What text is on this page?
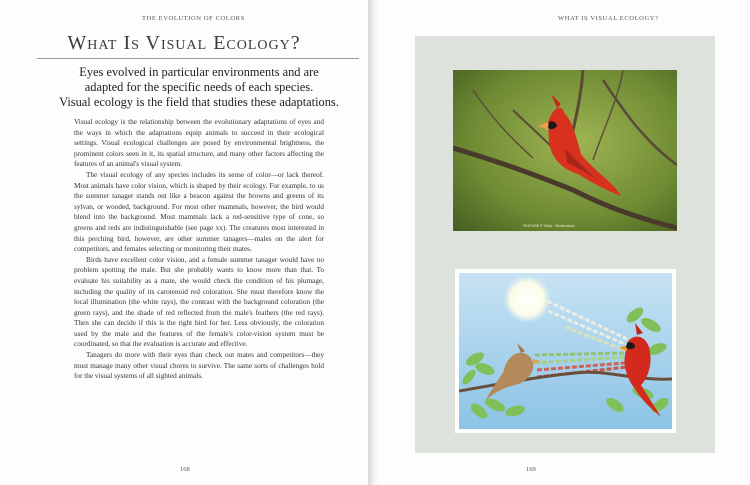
THE EVOLUTION OF COLORS
What Is Visual Ecology?
Eyes evolved in particular environments and are
adapted for the specific needs of each species.
Visual ecology is the field that studies these adaptations.

Visual ecology is the relationship between the evolutionary adaptations of eyes and the ways in which the adaptations equip animals to succeed in their ecological settings. Visual ecological challenges are posed by environmental brightness, the prominent colors seen in it, its spatial structure, and many other factors affecting the features of an animal's visual system.

The visual ecology of any species includes its sense of color—or lack thereof. Most animals have color vision, which is shaped by their ecology. For example, to us the summer tanager stands out like a beacon against the browns and greens of its sylvan, or wooded, background. For most other mammals, however, the bird would blend into the background. Most mammals lack a red-sensitive type of cone, so greens and reds are indistinguishable (see page xx). The creatures most interested in this perching bird, however, are other summer tanagers—males on the alert for competitors, and females selecting or monitoring their mates.

Birds have excellent color vision, and a female summer tanager would have no problem spotting the male. But she probably wants to know more than that. To evaluate his suitability as a mate, she would check the condition of his plumage, including the quality of its carotenoid red coloration. She must therefore know the local illumination (the white rays), the contrast with the background coloration (the green rays), and the shade of red reflected from the male's feathers (the red rays). Then she can decide if this is the right bird for her. Less obviously, the coloration used by the male and the features of the female's color-vision system must be coordinated, so that the evaluation is accurate and effective.

Tanagers do more with their eyes than check out mates and competitors—they must manage many other visual chores to survive. The same sorts of challenges hold for the visual systems of all sighted animals.

168
WHAT IS VISUAL ECOLOGY?
FEATURE © Getty · Shutterstock
169
